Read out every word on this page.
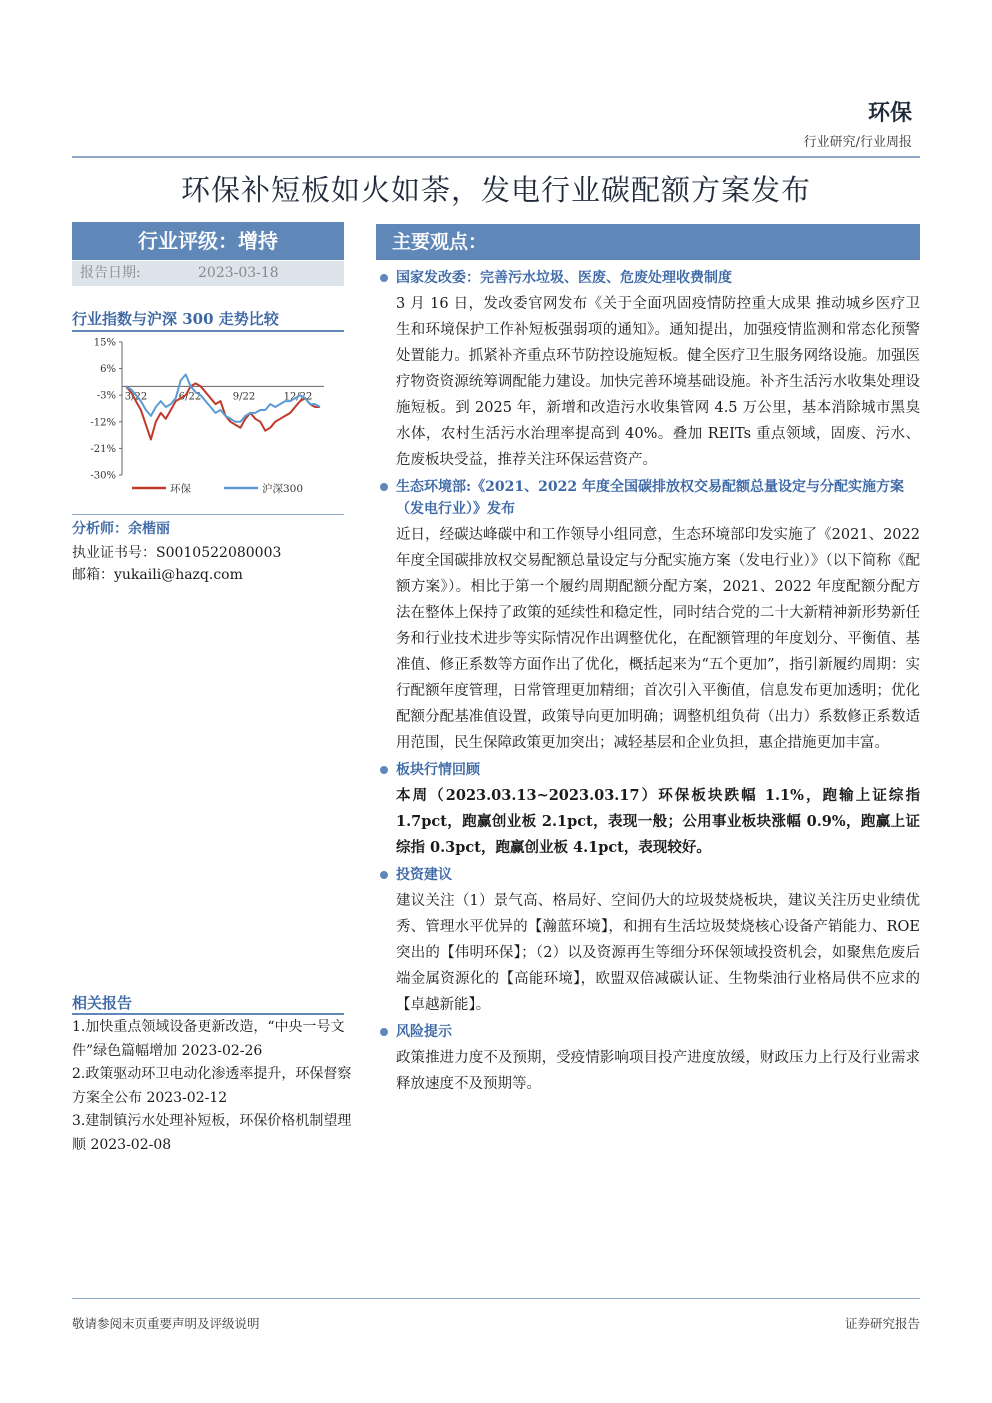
环保
行业研究/行业周报
环保补短板如火如荼，发电行业碳配额方案发布
行业评级：增持
报告日期:	2023-03-18
行业指数与沪深 300 走势比较
15%
6%
-3%
-12%
-21%
-30%
3/22	6/22	9/22	12/22
环保	沪深300
分析师：余楷丽
执业证书号：S0010522080003
邮箱：yukaili@hazq.com
相关报告
1.加快重点领域设备更新改造，“中央一号文件”绿色篇幅增加 2023-02-26
2.政策驱动环卫电动化渗透率提升，环保督察方案全公布 2023-02-12
3.建制镇污水处理补短板，环保价格机制望理顺 2023-02-08
主要观点：
国家发改委：完善污水垃圾、医废、危废处理收费制度
3 月 16 日，发改委官网发布《关于全面巩固疫情防控重大成果 推动城乡医疗卫生和环境保护工作补短板强弱项的通知》。通知提出，加强疫情监测和常态化预警处置能力。抓紧补齐重点环节防控设施短板。健全医疗卫生服务网络设施。加强医疗物资资源统筹调配能力建设。加快完善环境基础设施。补齐生活污水收集处理设施短板。到 2025 年，新增和改造污水收集管网 4.5 万公里，基本消除城市黑臭水体，农村生活污水治理率提高到 40%。叠加 REITs 重点领域，固废、污水、危废板块受益，推荐关注环保运营资产。
生态环境部:《2021、2022 年度全国碳排放权交易配额总量设定与分配实施方案（发电行业）》发布
近日，经碳达峰碳中和工作领导小组同意，生态环境部印发实施了《2021、2022 年度全国碳排放权交易配额总量设定与分配实施方案（发电行业）》（以下简称《配额方案》）。相比于第一个履约周期配额分配方案，2021、2022 年度配额分配方法在整体上保持了政策的延续性和稳定性，同时结合党的二十大新精神新形势新任务和行业技术进步等实际情况作出调整优化，在配额管理的年度划分、平衡值、基准值、修正系数等方面作出了优化，概括起来为“五个更加”，指引新履约周期：实行配额年度管理，日常管理更加精细；首次引入平衡值，信息发布更加透明；优化配额分配基准值设置，政策导向更加明确；调整机组负荷（出力）系数修正系数适用范围，民生保障政策更加突出；减轻基层和企业负担，惠企措施更加丰富。
板块行情回顾
本周（2023.03.13~2023.03.17）环保板块跌幅 1.1%，跑输上证综指 1.7pct，跑赢创业板 2.1pct，表现一般；公用事业板块涨幅 0.9%，跑赢上证综指 0.3pct，跑赢创业板 4.1pct，表现较好。
投资建议
建议关注（1）景气高、格局好、空间仍大的垃圾焚烧板块，建议关注历史业绩优秀、管理水平优异的【瀚蓝环境】，和拥有生活垃圾焚烧核心设备产销能力、ROE 突出的【伟明环保】；（2）以及资源再生等细分环保领域投资机会，如聚焦危废后端金属资源化的【高能环境】，欧盟双倍减碳认证、生物柴油行业格局供不应求的【卓越新能】。
风险提示
政策推进力度不及预期，受疫情影响项目投产进度放缓，财政压力上行及行业需求释放速度不及预期等。
敬请参阅末页重要声明及评级说明	证券研究报告
